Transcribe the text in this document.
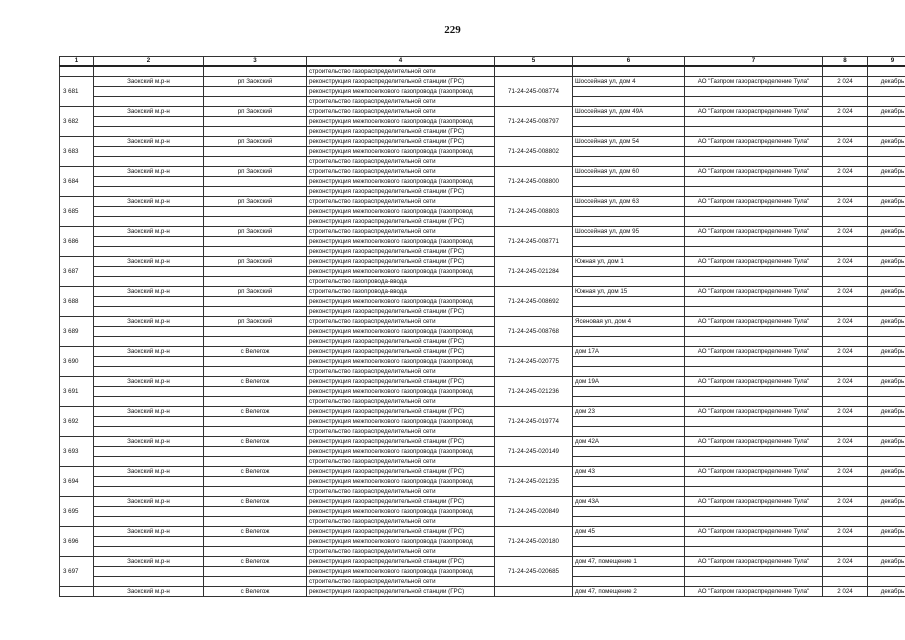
229
1	2	3	4	5	6	7	8	9
			строительство газораспределительной сети					
3 681	Заокский м.р-н	рп Заокский	реконструкция газораспределительной станции (ГРС)	71-24-245-008774	Шоссейная ул, дом 4	АО "Газпром газораспределение Тула"	2 024	декабрь
			реконструкция межпоселкового газопровода (газопровод					
			строительство газораспределительной сети					
3 682	Заокский м.р-н	рп Заокский	строительство газораспределительной сети	71-24-245-008797	Шоссейная ул, дом 49А	АО "Газпром газораспределение Тула"	2 024	декабрь
			реконструкция межпоселкового газопровода (газопровод					
			реконструкция газораспределительной станции (ГРС)					
3 683	Заокский м.р-н	рп Заокский	реконструкция газораспределительной станции (ГРС)	71-24-245-008802	Шоссейная ул, дом 54	АО "Газпром газораспределение Тула"	2 024	декабрь
			реконструкция межпоселкового газопровода (газопровод					
			строительство газораспределительной сети					
3 684	Заокский м.р-н	рп Заокский	строительство газораспределительной сети	71-24-245-008800	Шоссейная ул, дом 60	АО "Газпром газораспределение Тула"	2 024	декабрь
			реконструкция межпоселкового газопровода (газопровод					
			реконструкция газораспределительной станции (ГРС)					
3 685	Заокский м.р-н	рп Заокский	строительство газораспределительной сети	71-24-245-008803	Шоссейная ул, дом 63	АО "Газпром газораспределение Тула"	2 024	декабрь
			реконструкция межпоселкового газопровода (газопровод					
			реконструкция газораспределительной станции (ГРС)					
3 686	Заокский м.р-н	рп Заокский	строительство газораспределительной сети	71-24-245-008771	Шоссейная ул, дом 95	АО "Газпром газораспределение Тула"	2 024	декабрь
			реконструкция межпоселкового газопровода (газопровод					
			реконструкция газораспределительной станции (ГРС)					
3 687	Заокский м.р-н	рп Заокский	реконструкция газораспределительной станции (ГРС)	71-24-245-021284	Южная ул, дом 1	АО "Газпром газораспределение Тула"	2 024	декабрь
			реконструкция межпоселкового газопровода (газопровод					
			строительство газопровода-ввода					
3 688	Заокский м.р-н	рп Заокский	строительство газопровода-ввода	71-24-245-008692	Южная ул, дом 15	АО "Газпром газораспределение Тула"	2 024	декабрь
			реконструкция межпоселкового газопровода (газопровод					
			реконструкция газораспределительной станции (ГРС)					
3 689	Заокский м.р-н	рп Заокский	строительство газораспределительной сети	71-24-245-008768	Ясеновая ул, дом 4	АО "Газпром газораспределение Тула"	2 024	декабрь
			реконструкция межпоселкового газопровода (газопровод					
			реконструкция газораспределительной станции (ГРС)					
3 690	Заокский м.р-н	с Велегож	реконструкция газораспределительной станции (ГРС)	71-24-245-020775	дом 17А	АО "Газпром газораспределение Тула"	2 024	декабрь
			реконструкция межпоселкового газопровода (газопровод					
			строительство газораспределительной сети					
3 691	Заокский м.р-н	с Велегож	реконструкция газораспределительной станции (ГРС)	71-24-245-021236	дом 19А	АО "Газпром газораспределение Тула"	2 024	декабрь
			реконструкция межпоселкового газопровода (газопровод					
			строительство газораспределительной сети					
3 692	Заокский м.р-н	с Велегож	реконструкция газораспределительной станции (ГРС)	71-24-245-019774	дом 23	АО "Газпром газораспределение Тула"	2 024	декабрь
			реконструкция межпоселкового газопровода (газопровод					
			строительство газораспределительной сети					
3 693	Заокский м.р-н	с Велегож	реконструкция газораспределительной станции (ГРС)	71-24-245-020149	дом 42А	АО "Газпром газораспределение Тула"	2 024	декабрь
			реконструкция межпоселкового газопровода (газопровод					
			строительство газораспределительной сети					
3 694	Заокский м.р-н	с Велегож	реконструкция газораспределительной станции (ГРС)	71-24-245-021235	дом 43	АО "Газпром газораспределение Тула"	2 024	декабрь
			реконструкция межпоселкового газопровода (газопровод					
			строительство газораспределительной сети					
3 695	Заокский м.р-н	с Велегож	реконструкция газораспределительной станции (ГРС)	71-24-245-020849	дом 43А	АО "Газпром газораспределение Тула"	2 024	декабрь
			реконструкция межпоселкового газопровода (газопровод					
			строительство газораспределительной сети					
3 696	Заокский м.р-н	с Велегож	реконструкция газораспределительной станции (ГРС)	71-24-245-020180	дом 45	АО "Газпром газораспределение Тула"	2 024	декабрь
			реконструкция межпоселкового газопровода (газопровод					
			строительство газораспределительной сети					
3 697	Заокский м.р-н	с Велегож	реконструкция газораспределительной станции (ГРС)	71-24-245-020685	дом 47, помещение 1	АО "Газпром газораспределение Тула"	2 024	декабрь
			реконструкция межпоселкового газопровода (газопровод					
			строительство газораспределительной сети					
	Заокский м.р-н	с Велегож	реконструкция газораспределительной станции (ГРС)		дом 47, помещение 2	АО "Газпром газораспределение Тула"	2 024	декабрь
